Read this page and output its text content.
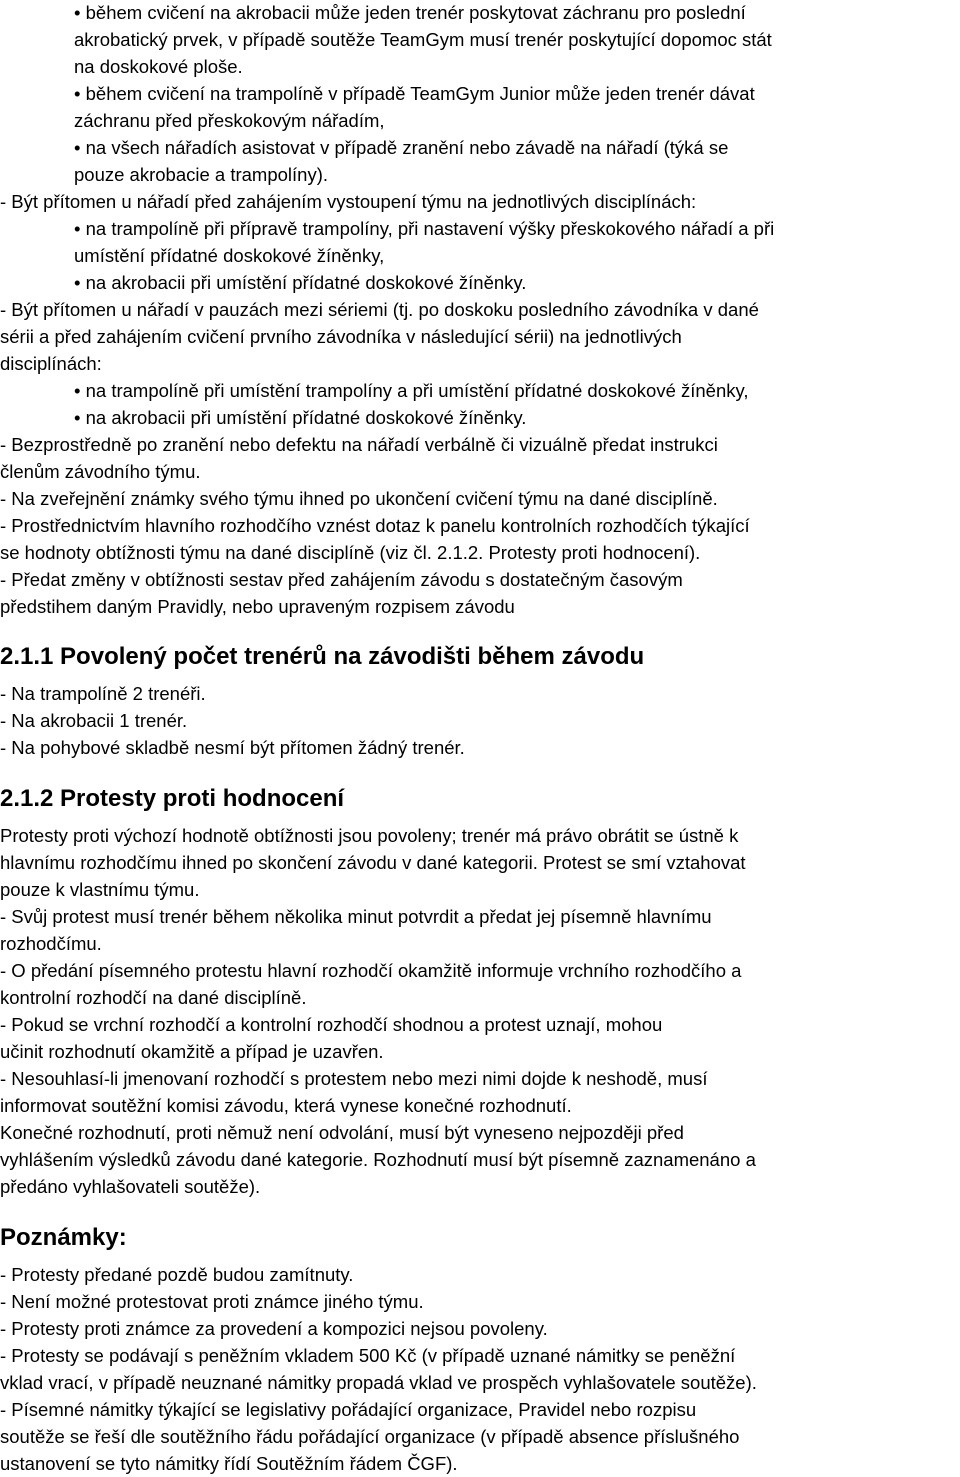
• během cvičení na akrobacii může jeden trenér poskytovat záchranu pro poslední

akrobatický prvek, v případě soutěže TeamGym musí trenér poskytující dopomoc stát

na doskokové ploše.

• během cvičení na trampolíně v případě TeamGym Junior může jeden trenér dávat

záchranu před přeskokovým nářadím,

• na všech nářadích asistovat v případě zranění nebo závadě na nářadí (týká se

pouze akrobacie a trampolíny).

- Být přítomen u nářadí před zahájením vystoupení týmu na jednotlivých disciplínách:

• na trampolíně při přípravě trampolíny, při nastavení výšky přeskokového nářadí a při

umístění přídatné doskokové žíněnky,

• na akrobacii při umístění přídatné doskokové žíněnky.

- Být přítomen u nářadí v pauzách mezi sériemi (tj. po doskoku posledního závodníka v dané

sérii a před zahájením cvičení prvního závodníka v následující sérii) na jednotlivých

disciplínách:

• na trampolíně při umístění trampolíny a při umístění přídatné doskokové žíněnky,

• na akrobacii při umístění přídatné doskokové žíněnky.

- Bezprostředně po zranění nebo defektu na nářadí verbálně či vizuálně předat instrukci

členům závodního týmu.

- Na zveřejnění známky svého týmu ihned po ukončení cvičení týmu na dané disciplíně.

- Prostřednictvím hlavního rozhodčího vznést dotaz k panelu kontrolních rozhodčích týkající

se hodnoty obtížnosti týmu na dané disciplíně (viz čl. 2.1.2. Protesty proti hodnocení).

- Předat změny v obtížnosti sestav před zahájením závodu s dostatečným časovým

předstihem daným Pravidly, nebo upraveným rozpisem závodu

2.1.1 Povolený počet trenérů na závodišti během závodu

- Na trampolíně 2 trenéři.

- Na akrobacii 1 trenér.

- Na pohybové skladbě nesmí být přítomen žádný trenér.

2.1.2 Protesty proti hodnocení

Protesty proti výchozí hodnotě obtížnosti jsou povoleny; trenér má právo obrátit se ústně k

hlavnímu rozhodčímu ihned po skončení závodu v dané kategorii. Protest se smí vztahovat

pouze k vlastnímu týmu.

- Svůj protest musí trenér během několika minut potvrdit a předat jej písemně hlavnímu

rozhodčímu.

- O předání písemného protestu hlavní rozhodčí okamžitě informuje vrchního rozhodčího a

kontrolní rozhodčí na dané disciplíně.

- Pokud se vrchní rozhodčí a kontrolní rozhodčí shodnou a protest uznají, mohou

učinit rozhodnutí okamžitě a případ je uzavřen.

- Nesouhlasí-li jmenovaní rozhodčí s protestem nebo mezi nimi dojde k neshodě, musí

informovat soutěžní komisi závodu, která vynese konečné rozhodnutí.

Konečné rozhodnutí, proti němuž není odvolání, musí být vyneseno nejpozději před

vyhlášením výsledků závodu dané kategorie. Rozhodnutí musí být písemně zaznamenáno a

předáno vyhlašovateli soutěže).

Poznámky:

- Protesty předané pozdě budou zamítnuty.

- Není možné protestovat proti známce jiného týmu.

- Protesty proti známce za provedení a kompozici nejsou povoleny.

- Protesty se podávají s peněžním vkladem 500 Kč (v případě uznané námitky se peněžní

vklad vrací, v případě neuznané námitky propadá vklad ve prospěch vyhlašovatele soutěže).

- Písemné námitky týkající se legislativy pořádající organizace, Pravidel nebo rozpisu

soutěže se řeší dle soutěžního řádu pořádající organizace (v případě absence příslušného

ustanovení se tyto námitky řídí Soutěžním řádem ČGF).
